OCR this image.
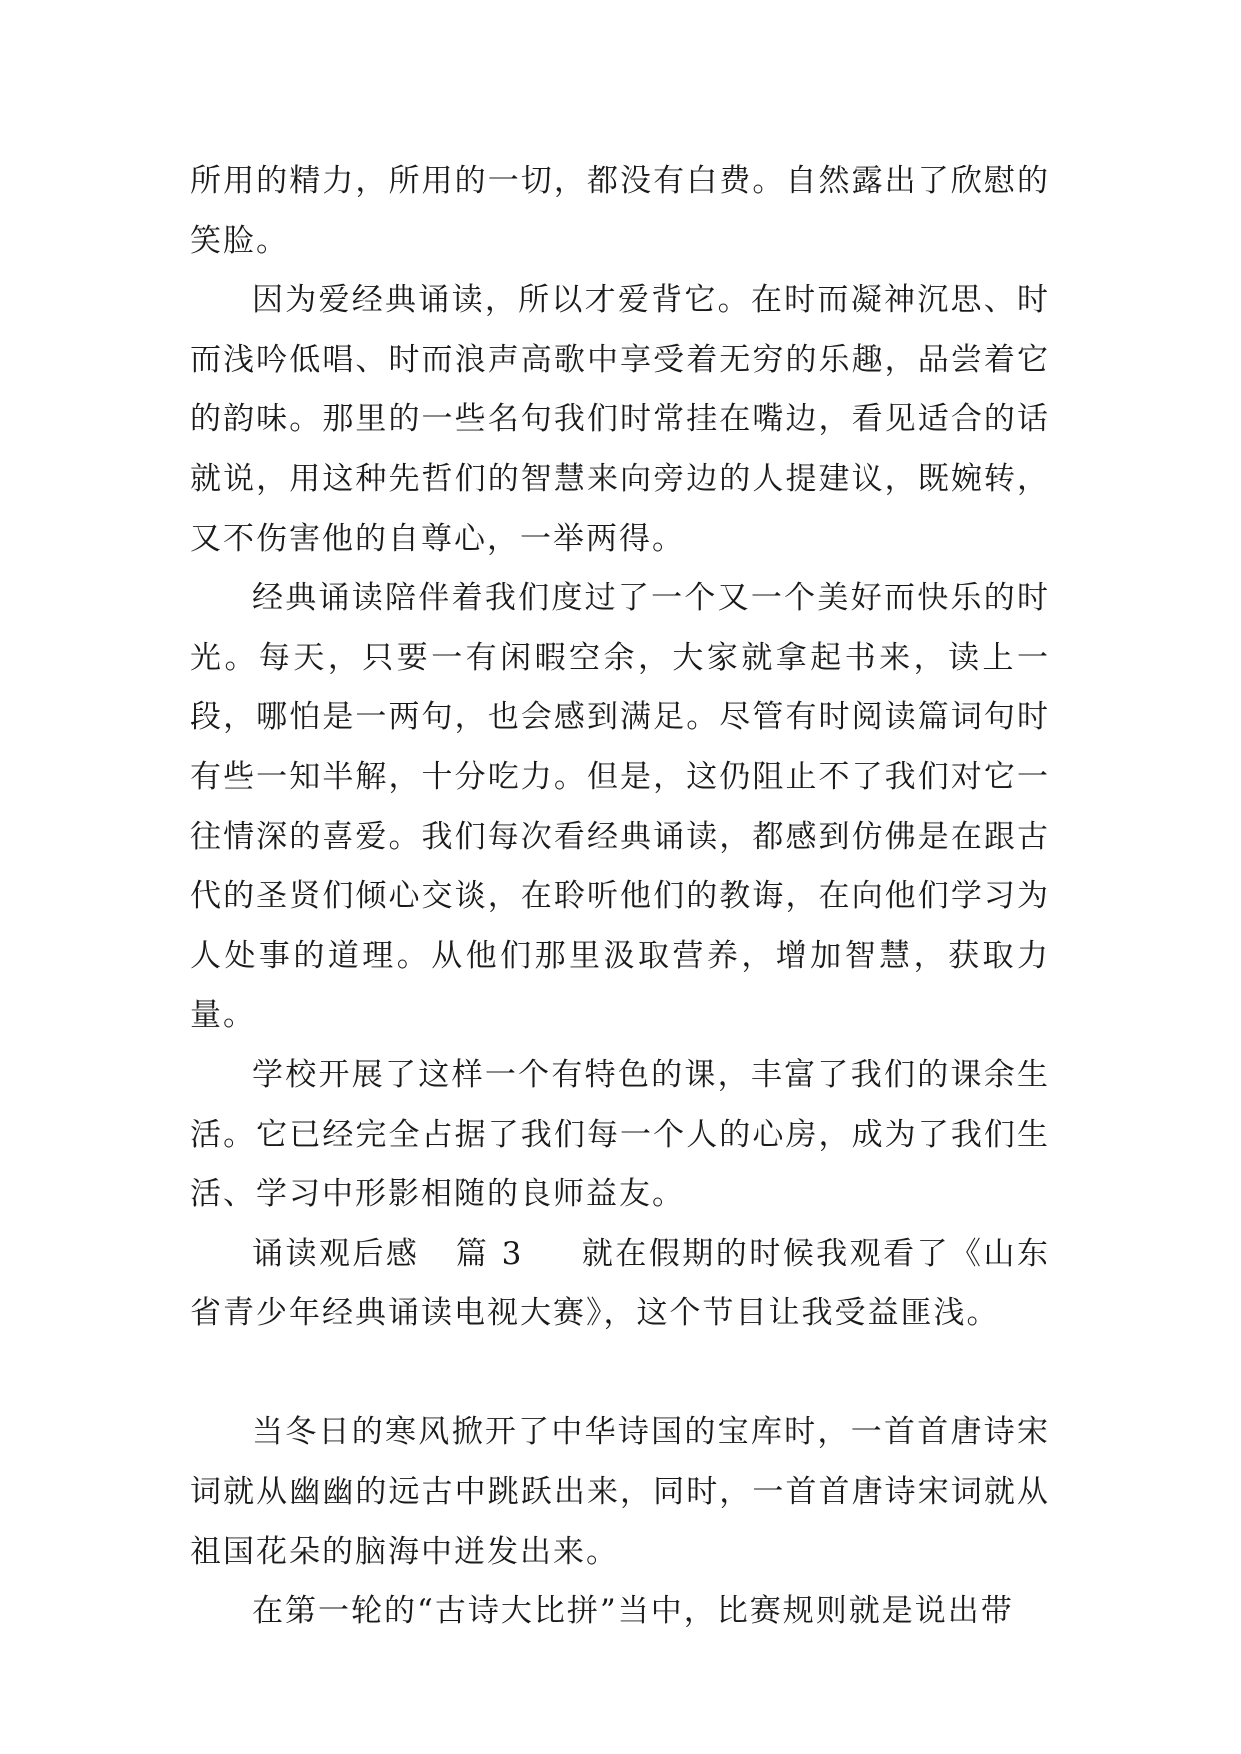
所用的精力，所用的一切，都没有白费。自然露出了欣慰的笑脸。

因为爱经典诵读，所以才爱背它。在时而凝神沉思、时而浅吟低唱、时而浪声高歌中享受着无穷的乐趣，品尝着它的韵味。那里的一些名句我们时常挂在嘴边，看见适合的话就说，用这种先哲们的智慧来向旁边的人提建议，既婉转，又不伤害他的自尊心，一举两得。

经典诵读陪伴着我们度过了一个又一个美好而快乐的时光。每天，只要一有闲暇空余，大家就拿起书来，读上一段，哪怕是一两句，也会感到满足。尽管有时阅读篇词句时有些一知半解，十分吃力。但是，这仍阻止不了我们对它一往情深的喜爱。我们每次看经典诵读，都感到仿佛是在跟古代的圣贤们倾心交谈，在聆听他们的教诲，在向他们学习为人处事的道理。从他们那里汲取营养，增加智慧，获取力量。

学校开展了这样一个有特色的课，丰富了我们的课余生活。它已经完全占据了我们每一个人的心房，成为了我们生活、学习中形影相随的良师益友。

诵读观后感 篇 3 就在假期的时候我观看了《山东省青少年经典诵读电视大赛》，这个节目让我受益匪浅。

当冬日的寒风掀开了中华诗国的宝库时，一首首唐诗宋词就从幽幽的远古中跳跃出来，同时，一首首唐诗宋词就从祖国花朵的脑海中迸发出来。

在第一轮的“古诗大比拼”当中，比赛规则就是说出带
